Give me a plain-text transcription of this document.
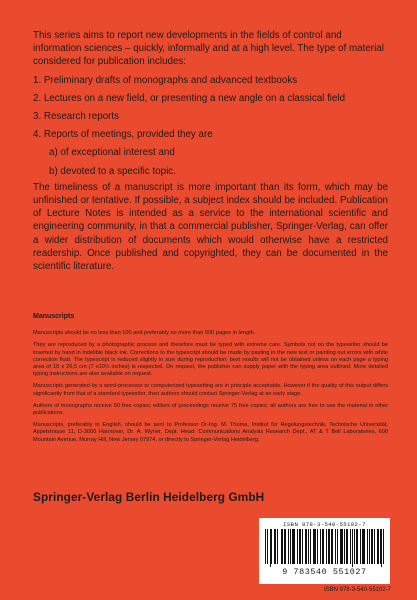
This series aims to report new developments in the fields of control and information sciences – quickly, informally and at a high level. The type of material considered for publication includes:

1. Preliminary drafts of monographs and advanced textbooks

2. Lectures on a new field, or presenting a new angle on a classical field

3. Research reports

4. Reports of meetings, provided they are

a) of exceptional interest and

b) devoted to a specific topic.

The timeliness of a manuscript is more important than its form, which may be unfinished or tentative. If possible, a subject index should be included. Publication of Lecture Notes is intended as a service to the international scientific and engineering community, in that a commercial publisher, Springer-Verlag, can offer a wider distribution of documents which would otherwise have a restricted readership. Once published and copyrighted, they can be documented in the scientific literature.

Manuscripts

Manuscripts should be no less than 100 and preferably no more than 500 pages in length.

They are reproduced by a photographic process and therefore must be typed with extreme care. Symbols not on the typewriter should be inserted by hand in indelible black ink. Corrections to the typescript should be made by pasting in the new text or painting out errors with white correction fluid. The typescript is reduced slightly in size during reproduction; best results will not be obtained unless on each page a typing area of 18 x 26,5 cm (7 x10½ inches) is respected. On request, the publisher can supply paper with the typing area outlined. More detailed typing instructions are also available on request.

Manuscripts generated by a word-processor or computerized typesetting are in principle acceptable. However if the quality of this output differs significantly from that of a standard typewriter, then authors should contact Springer-Verlag at an early stage.

Authors of monographs receive 50 free copies; editors of proceedings receive 75 free copies; all authors are free to use the material in other publications.

Manuscripts, preferably in English, should be sent to Professor Dr-Ing. M. Thoma, Institut für Regelungstechnik, Technische Universität, Appelstrasse 11, D-3000 Hannover, Dr. A. Wyner, Dept. Head: Communications Analysis Research Dept., AT & T Bell Laboratories, 600 Mountain Avenue, Murray Hill, New Jersey 07974, or directly to Springer-Verlag Heidelberg.

Springer-Verlag Berlin Heidelberg GmbH
ISBN 978-3-540-55102-7
9 783540 551027
ISBN 978-3-540-55102-7
